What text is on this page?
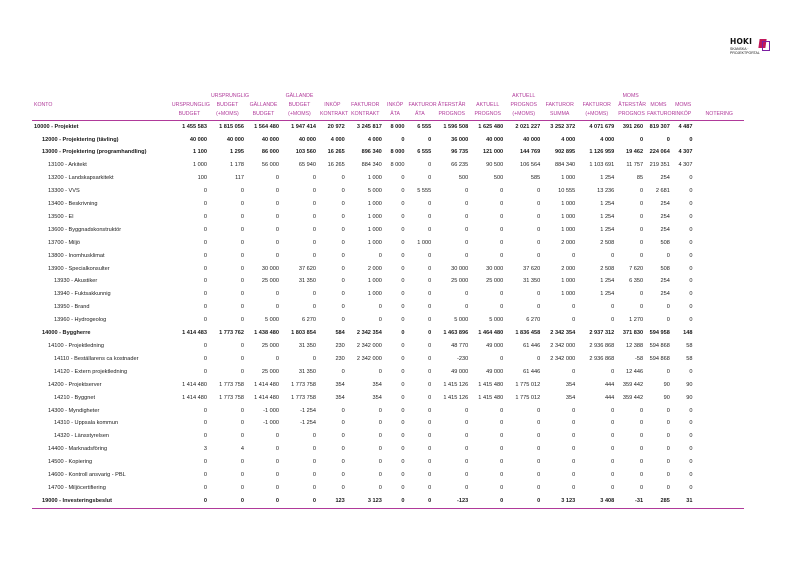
HOKI
SKANSKA · PROJEKTPORTAL
		URSPRUNGLIG		GÄLLANDE							AKTUELL			MOMS			
KONTO	URSPRUNGLIG	BUDGET	GÄLLANDE	BUDGET	INKÖP	FAKTUROR	INKÖP	FAKTUROR	ÅTERSTÅR	AKTUELL	PROGNOS	FAKTUROR	FAKTUROR	ÅTERSTÅR	MOMS	MOMS	
	BUDGET	(+MOMS)	BUDGET	(+MOMS)	KONTRAKT	KONTRAKT	ÄTA	ÄTA	PROGNOS	PROGNOS	(+MOMS)	SUMMA	(+MOMS)	PROGNOS	FAKTUROR	INKÖP	NOTERING
10000 - Projektet	1 455 583	1 815 056	1 564 480	1 947 414	20 972	3 245 817	8 000	6 555	1 596 508	1 625 480	2 021 227	3 252 372	4 071 679	391 260	819 307	4 487	
12000 - Projektering (tävling)	40 000	40 000	40 000	40 000	4 000	4 000	0	0	36 000	40 000	40 000	4 000	4 000	0	0	0	
13000 - Projektering (programhandling)	1 100	1 295	86 000	103 560	16 265	896 340	8 000	6 555	96 735	121 000	144 769	902 895	1 126 959	19 462	224 064	4 307	
13100 - Arkitekt	1 000	1 178	56 000	65 940	16 265	884 340	8 000	0	66 235	90 500	106 564	884 340	1 103 691	11 757	219 351	4 307	
13200 - Landskapsarkitekt	100	117	0	0	0	1 000	0	0	500	500	585	1 000	1 254	85	254	0	
13300 - VVS	0	0	0	0	0	5 000	0	5 555	0	0	0	10 555	13 236	0	2 681	0	
13400 - Beskrivning	0	0	0	0	0	1 000	0	0	0	0	0	1 000	1 254	0	254	0	
13500 - El	0	0	0	0	0	1 000	0	0	0	0	0	1 000	1 254	0	254	0	
13600 - Byggnadskonstruktör	0	0	0	0	0	1 000	0	0	0	0	0	1 000	1 254	0	254	0	
13700 - Miljö	0	0	0	0	0	1 000	0	1 000	0	0	0	2 000	2 508	0	508	0	
13800 - Inomhusklimat	0	0	0	0	0	0	0	0	0	0	0	0	0	0	0	0	
13900 - Specialkonsulter	0	0	30 000	37 620	0	2 000	0	0	30 000	30 000	37 620	2 000	2 508	7 620	508	0	
13930 - Akustiker	0	0	25 000	31 350	0	1 000	0	0	25 000	25 000	31 350	1 000	1 254	6 350	254	0	
13940 - Fuktsakkunnig	0	0	0	0	0	1 000	0	0	0	0	0	1 000	1 254	0	254	0	
13950 - Brand	0	0	0	0	0	0	0	0	0	0	0	0	0	0	0	0	
13960 - Hydrogeolog	0	0	5 000	6 270	0	0	0	0	5 000	5 000	6 270	0	0	1 270	0	0	
14000 - Byggherre	1 414 483	1 773 762	1 438 480	1 803 854	584	2 342 354	0	0	1 463 896	1 464 480	1 836 458	2 342 354	2 937 312	371 830	594 958	148	
14100 - Projektledning	0	0	25 000	31 350	230	2 342 000	0	0	48 770	49 000	61 446	2 342 000	2 936 868	12 388	594 868	58	
14110 - Beställarens ca kostnader	0	0	0	0	230	2 342 000	0	0	-230	0	0	2 342 000	2 936 868	-58	594 868	58	
14120 - Extern projektledning	0	0	25 000	31 350	0	0	0	0	49 000	49 000	61 446	0	0	12 446	0	0	
14200 - Projektserver	1 414 480	1 773 758	1 414 480	1 773 758	354	354	0	0	1 415 126	1 415 480	1 775 012	354	444	359 442	90	90	
14210 - Byggnet	1 414 480	1 773 758	1 414 480	1 773 758	354	354	0	0	1 415 126	1 415 480	1 775 012	354	444	359 442	90	90	
14300 - Myndigheter	0	0	-1 000	-1 254	0	0	0	0	0	0	0	0	0	0	0	0	
14310 - Uppsala kommun	0	0	-1 000	-1 254	0	0	0	0	0	0	0	0	0	0	0	0	
14320 - Länsstyrelsen	0	0	0	0	0	0	0	0	0	0	0	0	0	0	0	0	
14400 - Marknadsföring	3	4	0	0	0	0	0	0	0	0	0	0	0	0	0	0	
14500 - Kopiering	0	0	0	0	0	0	0	0	0	0	0	0	0	0	0	0	
14600 - Kontroll ansvarig - PBL	0	0	0	0	0	0	0	0	0	0	0	0	0	0	0	0	
14700 - Miljöcertifiering	0	0	0	0	0	0	0	0	0	0	0	0	0	0	0	0	
19000 - Investeringsbeslut	0	0	0	0	123	3 123	0	0	-123	0	0	3 123	3 408	-31	285	31	
